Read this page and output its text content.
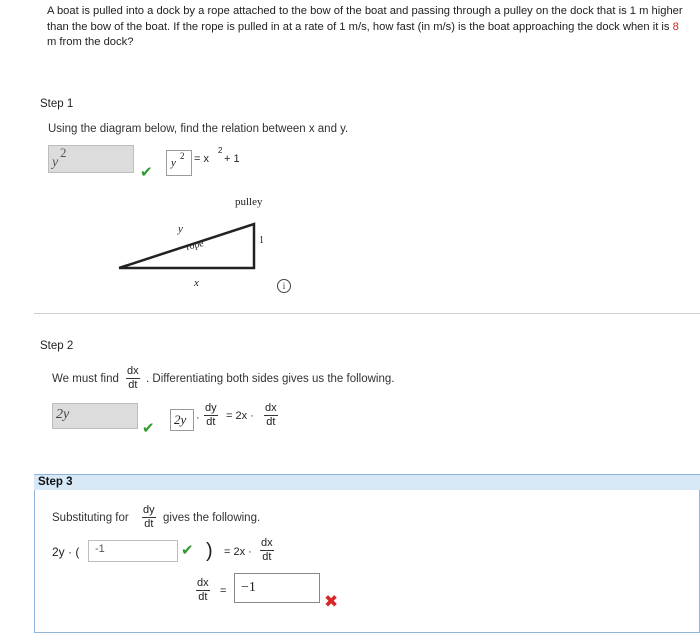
A boat is pulled into a dock by a rope attached to the bow of the boat and passing through a pulley on the dock that is 1 m higher than the bow of the boat. If the rope is pulled in at a rate of 1 m/s, how fast (in m/s) is the boat approaching the dock when it is 8 m from the dock?
Step 1
Using the diagram below, find the relation between x and y.
y
2
✔
y
2 = x
2
+ 1
pulley
y
rope	1
x	i
Step 2
We must find $\frac{dx}{dt}$ . Differentiating both sides gives us the following.
2y
✔
$2y \cdot \frac{dy}{dt} = 2x \cdot \frac{dx}{dt}$
Step 3
Substituting for $\frac{dy}{dt}$ gives the following.
2y · ( -1	✔ ) = $2x \cdot \frac{dx}{dt}$
$\frac{dx}{dt} = -1$
✖
